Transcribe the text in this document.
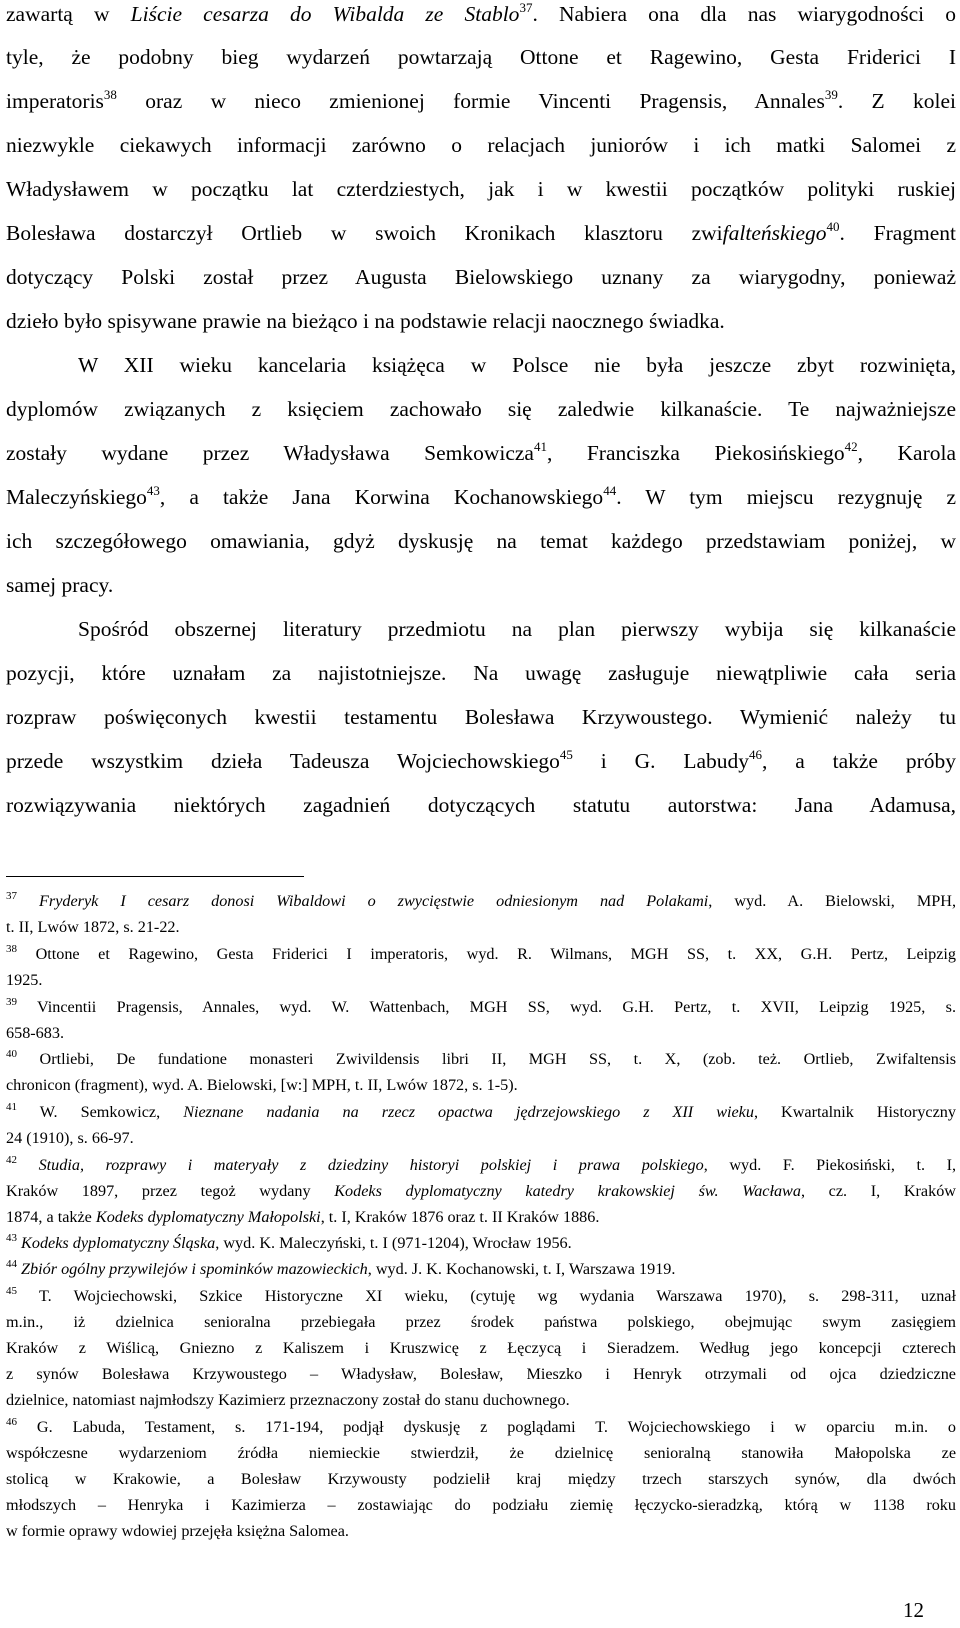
zawartą w Liście cesarza do Wibalda ze Stablo$^{37}$. Nabiera ona dla nas wiarygodności o
tyle, że podobny bieg wydarzeń powtarzają Ottone et Ragewino, Gesta Friderici I
imperatoris$^{38}$ oraz w nieco zmienionej formie Vincenti Pragensis, Annales$^{39}$. Z kolei
niezwykle ciekawych informacji zarówno o relacjach juniorów i ich matki Salomei z
Władysławem w początku lat czterdziestych, jak i w kwestii początków polityki ruskiej
Bolesława dostarczył Ortlieb w swoich Kronikach klasztoru zwifalteńskiego$^{40}$. Fragment
dotyczący Polski został przez Augusta Bielowskiego uznany za wiarygodny, ponieważ
dzieło było spisywane prawie na bieżąco i na podstawie relacji naocznego świadka.
W XII wieku kancelaria książęca w Polsce nie była jeszcze zbyt rozwinięta,
dyplomów związanych z księciem zachowało się zaledwie kilkanaście. Te najważniejsze
zostały wydane przez Władysława Semkowicza$^{41}$, Franciszka Piekosińskiego$^{42}$, Karola
Maleczyńskiego$^{43}$, a także Jana Korwina Kochanowskiego$^{44}$. W tym miejscu rezygnuję z
ich szczegółowego omawiania, gdyż dyskusję na temat każdego przedstawiam poniżej, w
samej pracy.
Spośród obszernej literatury przedmiotu na plan pierwszy wybija się kilkanaście
pozycji, które uznałam za najistotniejsze. Na uwagę zasługuje niewątpliwie cała seria
rozpraw poświęconych kwestii testamentu Bolesława Krzywoustego. Wymienić należy tu
przede wszystkim dzieła Tadeusza Wojciechowskiego$^{45}$ i G. Labudy$^{46}$, a także próby
rozwiązywania niektórych zagadnień dotyczących statutu autorstwa: Jana Adamusa,
$^{37}$ Fryderyk I cesarz donosi Wibaldowi o zwycięstwie odniesionym nad Polakami, wyd. A. Bielowski, MPH,
t. II, Lwów 1872, s. 21-22.
$^{38}$ Ottone et Ragewino, Gesta Friderici I imperatoris, wyd. R. Wilmans, MGH SS, t. XX, G.H. Pertz, Leipzig
1925.
$^{39}$ Vincentii Pragensis, Annales, wyd. W. Wattenbach, MGH SS, wyd. G.H. Pertz, t. XVII, Leipzig 1925, s.
658-683.
$^{40}$ Ortliebi, De fundatione monasteri Zwivildensis libri II, MGH SS, t. X, (zob. też. Ortlieb, Zwifaltensis
chronicon (fragment), wyd. A. Bielowski, [w:] MPH, t. II, Lwów 1872, s. 1-5).
$^{41}$ W. Semkowicz, Nieznane nadania na rzecz opactwa jędrzejowskiego z XII wieku, Kwartalnik Historyczny
24 (1910), s. 66-97.
$^{42}$ Studia, rozprawy i materyały z dziedziny historyi polskiej i prawa polskiego, wyd. F. Piekosiński, t. I,
Kraków 1897, przez tegoż wydany Kodeks dyplomatyczny katedry krakowskiej św. Wacława, cz. I, Kraków
1874, a także Kodeks dyplomatyczny Małopolski, t. I, Kraków 1876 oraz t. II Kraków 1886.
$^{43}$ Kodeks dyplomatyczny Śląska, wyd. K. Maleczyński, t. I (971-1204), Wrocław 1956.
$^{44}$ Zbiór ogólny przywilejów i spominków mazowieckich, wyd. J. K. Kochanowski, t. I, Warszawa 1919.
$^{45}$ T. Wojciechowski, Szkice Historyczne XI wieku, (cytuję wg wydania Warszawa 1970), s. 298-311, uznał
m.in., iż dzielnica senioralna przebiegała przez środek państwa polskiego, obejmując swym zasięgiem
Kraków z Wiślicą, Gniezno z Kaliszem i Kruszwicę z Łęczycą i Sieradzem. Według jego koncepcji czterech
z synów Bolesława Krzywoustego – Władysław, Bolesław, Mieszko i Henryk otrzymali od ojca dziedziczne
dzielnice, natomiast najmłodszy Kazimierz przeznaczony został do stanu duchownego.
$^{46}$ G. Labuda, Testament, s. 171-194, podjął dyskusję z poglądami T. Wojciechowskiego i w oparciu m.in. o
współczesne wydarzeniom źródła niemieckie stwierdził, że dzielnicę senioralną stanowiła Małopolska ze
stolicą w Krakowie, a Bolesław Krzywousty podzielił kraj między trzech starszych synów, dla dwóch
młodszych – Henryka i Kazimierza – zostawiając do podziału ziemię łęczycko-sieradzką, którą w 1138 roku
w formie oprawy wdowiej przejęła księżna Salomea.
12
